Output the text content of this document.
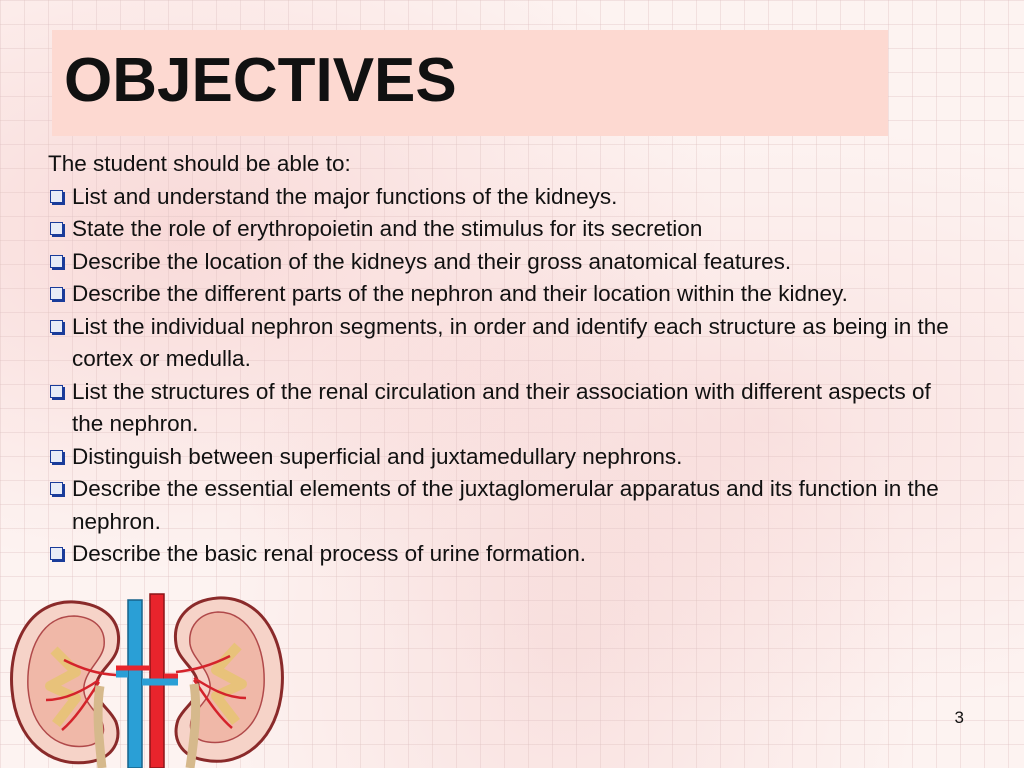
OBJECTIVES

The student should be able to:

List and understand the major functions of the kidneys.
State the role of erythropoietin and the stimulus for its secretion
Describe the location of the kidneys and their gross anatomical features.
Describe the different parts of the nephron and their location within the kidney.
List the individual nephron segments, in order and identify each structure as being in the cortex or medulla.
List the structures of the renal circulation and their association with different aspects of the nephron.
Distinguish between superficial and juxtamedullary nephrons.
Describe the essential elements of the juxtaglomerular apparatus and its function in the nephron.
Describe the basic renal process of urine formation.
3
